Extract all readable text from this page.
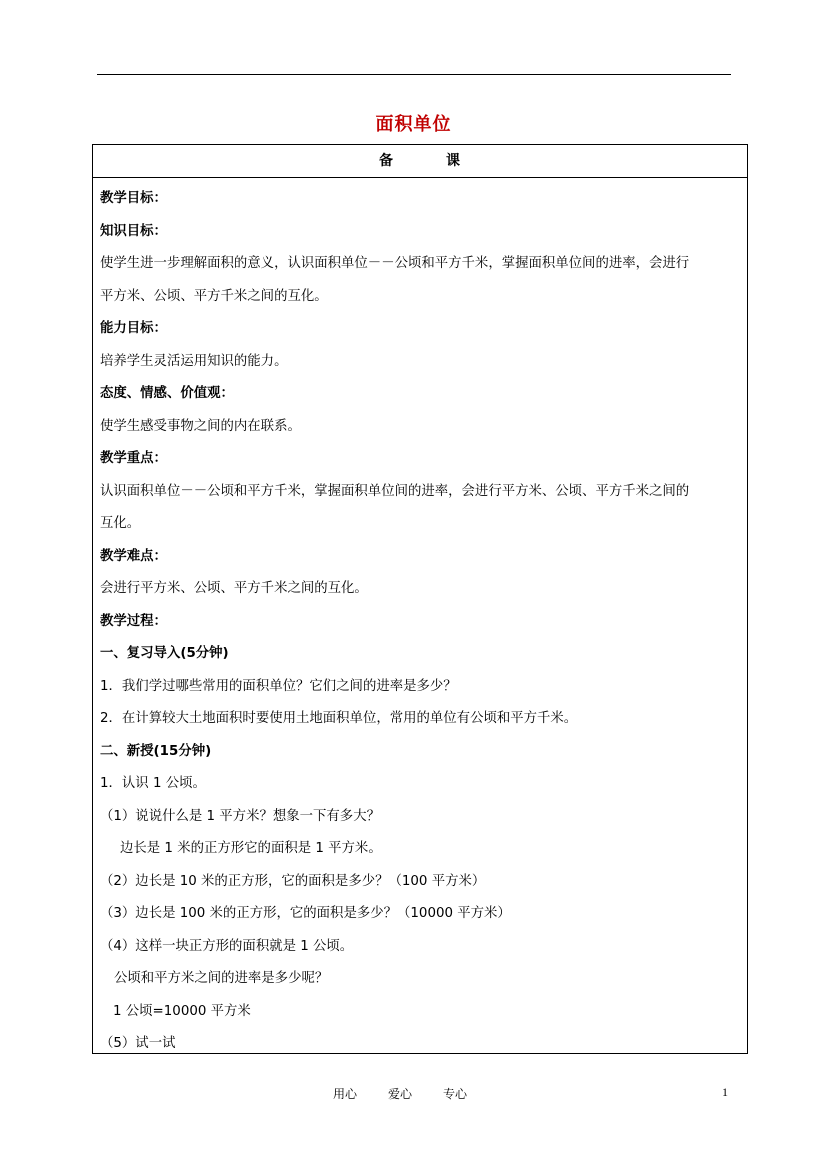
面积单位
备	课
教学目标：
知识目标：
使学生进一步理解面积的意义，认识面积单位－－公顷和平方千米，掌握面积单位间的进率，会进行
平方米、公顷、平方千米之间的互化。
能力目标：
培养学生灵活运用知识的能力。
态度、情感、价值观：
使学生感受事物之间的内在联系。
教学重点：
认识面积单位－－公顷和平方千米，掌握面积单位间的进率，会进行平方米、公顷、平方千米之间的
互化。
教学难点：
会进行平方米、公顷、平方千米之间的互化。
教学过程：
一、复习导入(5分钟)
1．我们学过哪些常用的面积单位？它们之间的进率是多少？
2．在计算较大土地面积时要使用土地面积单位，常用的单位有公顷和平方千米。
二、新授(15分钟)
1．认识 1 公顷。
（1）说说什么是 1 平方米？想象一下有多大？
边长是 1 米的正方形它的面积是 1 平方米。
（2）边长是 10 米的正方形，它的面积是多少？（100 平方米）
（3）边长是 100 米的正方形，它的面积是多少？（10000 平方米）
（4）这样一块正方形的面积就是 1 公顷。
公顷和平方米之间的进率是多少呢？
1 公顷=10000 平方米
（5）试一试
用心	爱心	专心	1
